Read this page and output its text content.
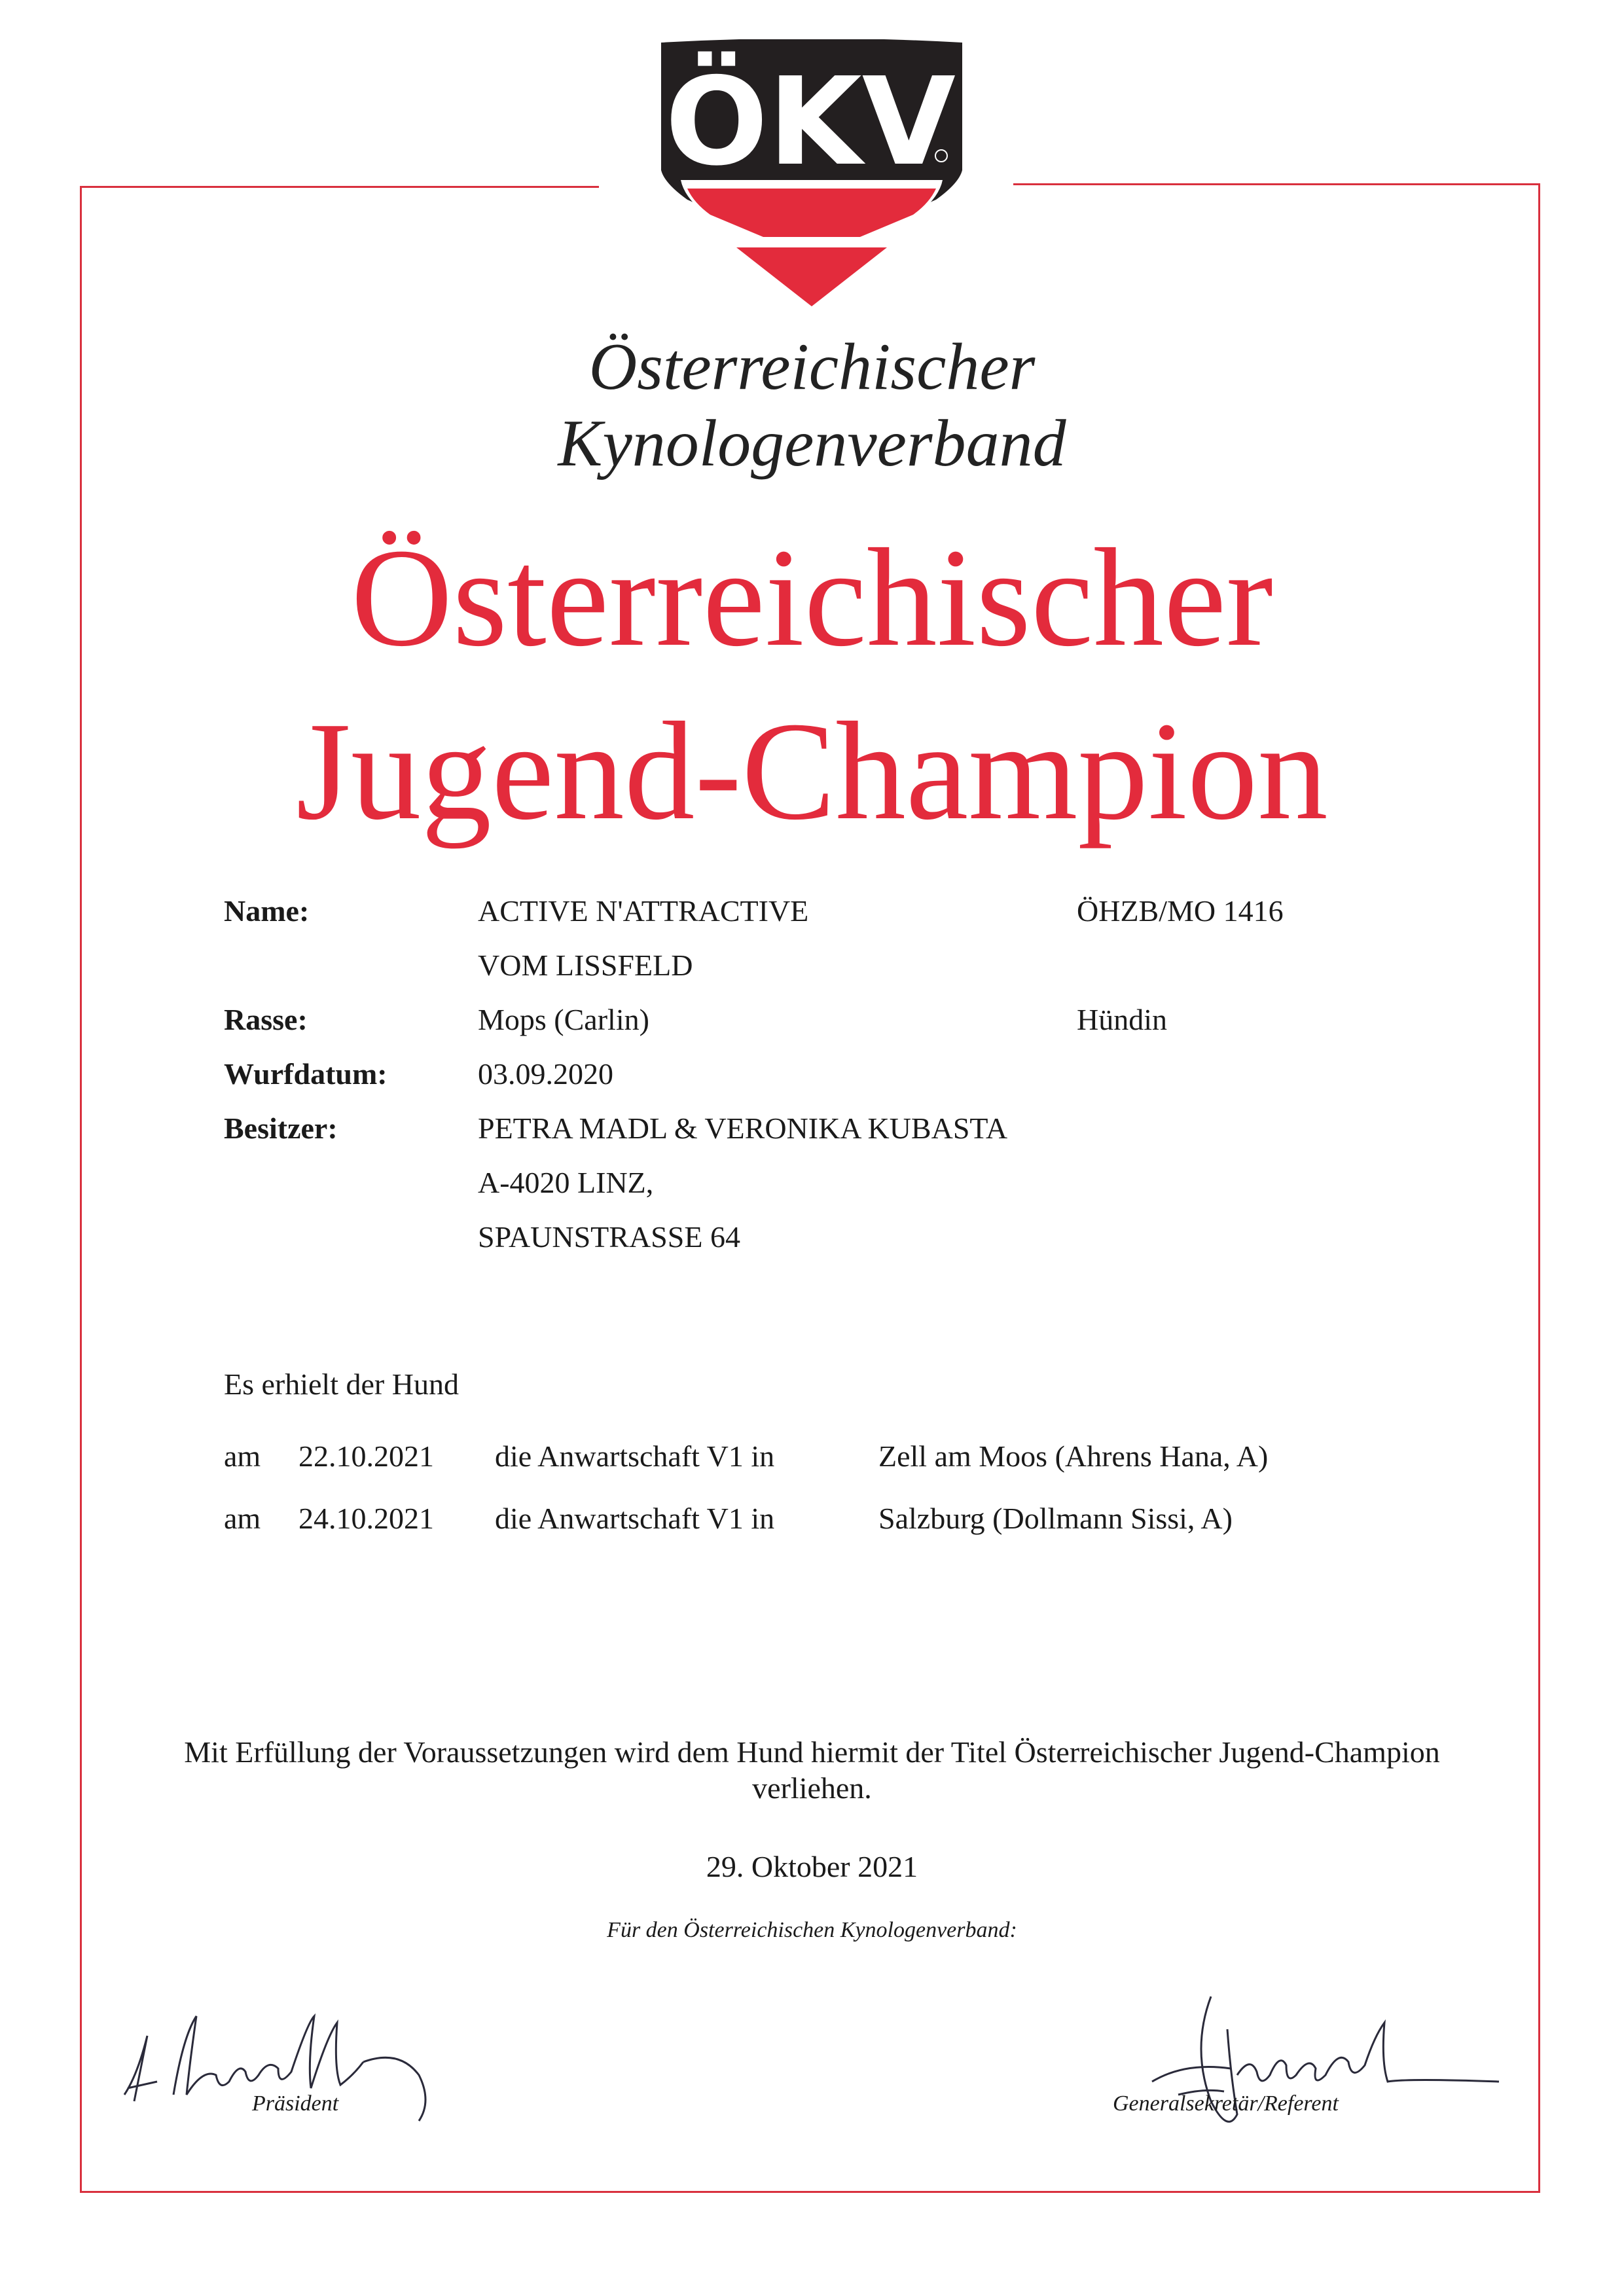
ÖKV
Österreichischer
Kynologenverband
Österreichischer
Jugend-Champion
Name:	ACTIVE N'ATTRACTIVE	ÖHZB/MO 1416
VOM LISSFELD
Rasse:	Mops (Carlin)	Hündin
Wurfdatum:	03.09.2020
Besitzer:	PETRA MADL & VERONIKA KUBASTA
A-4020 LINZ,
SPAUNSTRASSE 64
Es erhielt der Hund
am 22.10.2021 die Anwartschaft V1 in	Zell am Moos (Ahrens Hana, A)
am 24.10.2021 die Anwartschaft V1 in	Salzburg (Dollmann Sissi, A)
Mit Erfüllung der Voraussetzungen wird dem Hund hiermit der Titel Österreichischer Jugend-Champion
verliehen.
29. Oktober 2021
Für den Österreichischen Kynologenverband:
Präsident	Generalsekretär/Referent
